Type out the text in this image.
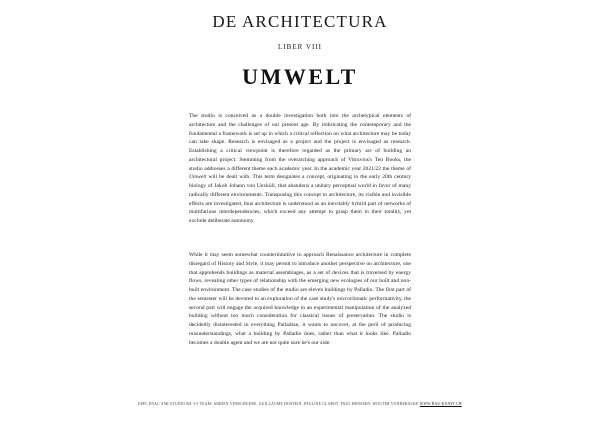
DE ARCHITECTURA
LIBER VIII
UMWELT
The studio is conceived as a double investigation both into the archetypical elements of architecture and the challenges of our present age. By imbricating the contemporary and the fundamental a framework is set up in which a critical reflection on what architecture may be today can take shape. Research is envisaged as a project and the project is envisaged as research. Establishing a critical viewpoint is therefore regarded as the primary act of building an architectural project. Stemming from the overarching approach of Vitruvius's Ten Books, the studio addresses a different theme each academic year. In the academic year 2021/22 the theme of Umwelt will be dealt with. This term designates a concept, originating in the early 20th century biology of Jakob Johann von Uexküll, that abandons a unitary perceptual world in favor of many radically different environments. Transposing this concept to architecture, its visible and invisible effects are investigated, thus architecture is understood as an inevitably hybrid part of networks of multifarious interdependencies, which exceed any attempt to grasp them in their totality, yet exclude deliberate autonomy.
While it may seem somewhat counterintuitive to approach Renaissance architecture in complete disregard of History and Style, it may permit to introduce another perspective on architecture, one that apprehends buildings as material assemblages, as a set of devices that is traversed by energy flows, revealing other types of relationship with the emerging new ecologies of our built and non-built environment. The case studies of the studio are eleven buildings by Palladio. The first part of the semester will be devoted to an exploration of the case study's microclimatic performativity, the second part will engage the acquired knowledge in an experimental manipulation of the analyzed building without too much consideration for classical issues of preservation. The studio is decidedly disinterested in everything Palladian, it wants to uncover, at the peril of producing misunderstandings, what a building by Palladio does, rather than what it looks like. Palladio becomes a double agent and we are not quite sure he's our side.
EPFL ENAC SAR STUDIO BA 3-5 TEAM: ADRIEN VERSCHUERE, GUILLAUME HOSTEIN, PAULINE CLAROT, PAUL HENSSEN, WOUTER VONDERACKE WWW.BAU-KUNST.CH
